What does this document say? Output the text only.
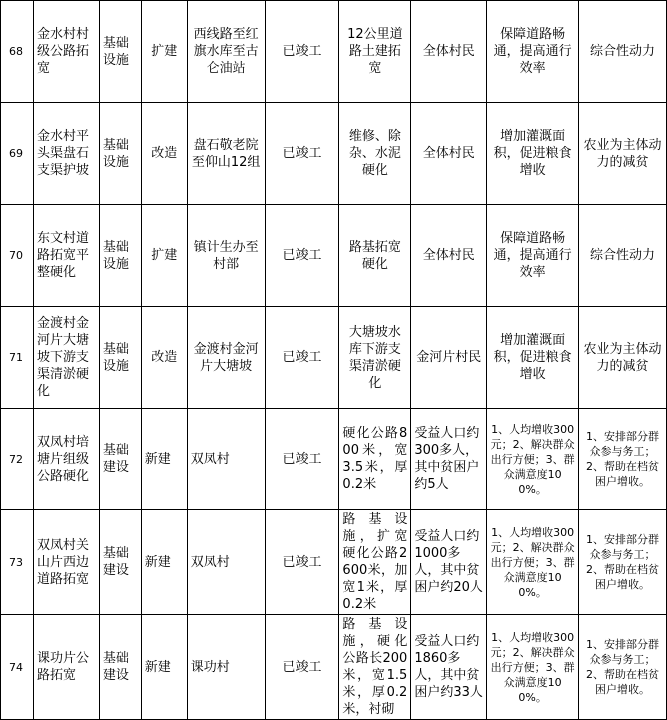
68	金水村村级公路拓宽	基础设施	扩建	西线路至红旗水库至古仑油站	已竣工	12公里道路土建拓宽	全体村民	保障道路畅通，提高通行效率	综合性动力
69	金水村平头渠盘石支渠护坡	基础设施	改造	盘石敬老院至仰山12组	已竣工	维修、除杂、水泥硬化	全体村民	增加灌溉面积，促进粮食增收	农业为主体动力的减贫
70	东文村道路拓宽平整硬化	基础设施	扩建	镇计生办至村部	已竣工	路基拓宽硬化	全体村民	保障道路畅通，提高通行效率	综合性动力
71	金渡村金河片大塘坡下游支渠清淤硬化	基础设施	改造	金渡村金河片大塘坡	已竣工	大塘坡水库下游支渠清淤硬化	金河片村民	增加灌溉面积，促进粮食增收	农业为主体动力的减贫
72	双凤村培塘片组级公路硬化	基础建设	新建	双凤村	已竣工	硬化公路800米，宽3.5米，厚0.2米	受益人口约300多人，其中贫困户约5人	1、人均增收300元；2、解决群众出行方便；3、群众满意度100%。	1、安排部分群众参与务工；2、帮助在档贫困户增收。
73	双凤村关山片西边道路拓宽	基础建设	新建	双凤村	已竣工	路基设施，扩宽硬化公路2600米，加宽1米，厚0.2米	受益人口约1000多人，其中贫困户约20人	1、人均增收300元；2、解决群众出行方便；3、群众满意度100%。	1、安排部分群众参与务工；2、帮助在档贫困户增收。
74	课功片公路拓宽	基础建设	新建	课功村	已竣工	路基设施，硬化公路长200米，宽1.5米，厚0.2米，衬砌	受益人口约1860多人，其中贫困户约33人	1、人均增收300元；2、解决群众出行方便；3、群众满意度100%。	1、安排部分群众参与务工；2、帮助在档贫困户增收。
